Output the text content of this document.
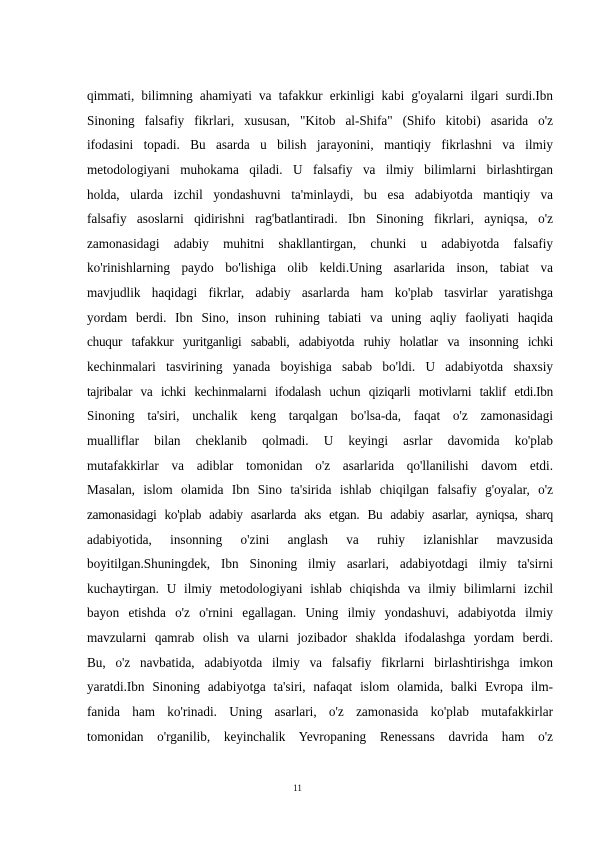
qimmati, bilimning ahamiyati va tafakkur erkinligi kabi g'oyalarni ilgari surdi.Ibn
Sinoning falsafiy fikrlari, xususan, "Kitob al-Shifa" (Shifo kitobi) asarida o'z
ifodasini topadi. Bu asarda u bilish jarayonini, mantiqiy fikrlashni va ilmiy
metodologiyani muhokama qiladi. U falsafiy va ilmiy bilimlarni birlashtirgan
holda, ularda izchil yondashuvni ta'minlaydi, bu esa adabiyotda mantiqiy va
falsafiy asoslarni qidirishni rag'batlantiradi. Ibn Sinoning fikrlari, ayniqsa, o'z
zamonasidagi adabiy muhitni shakllantirgan, chunki u adabiyotda falsafiy
ko'rinishlarning paydo bo'lishiga olib keldi.Uning asarlarida inson, tabiat va
mavjudlik haqidagi fikrlar, adabiy asarlarda ham ko'plab tasvirlar yaratishga
yordam berdi. Ibn Sino, inson ruhining tabiati va uning aqliy faoliyati haqida
chuqur tafakkur yuritganligi sababli, adabiyotda ruhiy holatlar va insonning ichki
kechinmalari tasvirining yanada boyishiga sabab bo'ldi. U adabiyotda shaxsiy
tajribalar va ichki kechinmalarni ifodalash uchun qiziqarli motivlarni taklif etdi.Ibn
Sinoning ta'siri, unchalik keng tarqalgan bo'lsa-da, faqat o'z zamonasidagi
mualliflar bilan cheklanib qolmadi. U keyingi asrlar davomida ko'plab
mutafakkirlar va adiblar tomonidan o'z asarlarida qo'llanilishi davom etdi.
Masalan, islom olamida Ibn Sino ta'sirida ishlab chiqilgan falsafiy g'oyalar, o'z
zamonasidagi ko'plab adabiy asarlarda aks etgan. Bu adabiy asarlar, ayniqsa, sharq
adabiyotida, insonning o'zini anglash va ruhiy izlanishlar mavzusida
boyitilgan.Shuningdek, Ibn Sinoning ilmiy asarlari, adabiyotdagi ilmiy ta'sirni
kuchaytirgan. U ilmiy metodologiyani ishlab chiqishda va ilmiy bilimlarni izchil
bayon etishda o'z o'rnini egallagan. Uning ilmiy yondashuvi, adabiyotda ilmiy
mavzularni qamrab olish va ularni jozibador shaklda ifodalashga yordam berdi.
Bu, o'z navbatida, adabiyotda ilmiy va falsafiy fikrlarni birlashtirishga imkon
yaratdi.Ibn Sinoning adabiyotga ta'siri, nafaqat islom olamida, balki Evropa ilm-
fanida ham ko'rinadi. Uning asarlari, o'z zamonasida ko'plab mutafakkirlar
tomonidan o'rganilib, keyinchalik Yevropaning Renessans davrida ham o'z
11
